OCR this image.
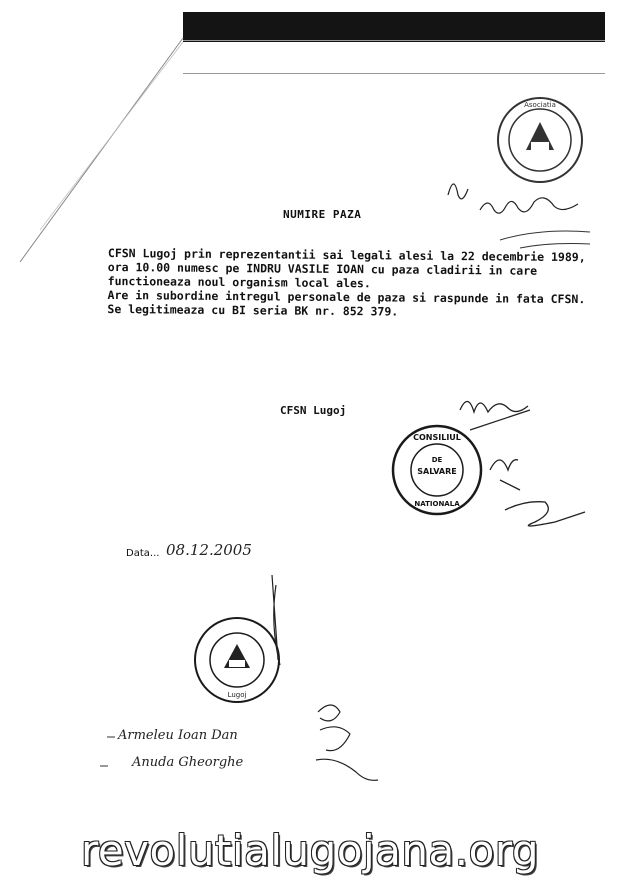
Asociatia
CONSILIUL
DE
SALVARE
NATIONALA
Lugoj
NUMIRE PAZA

CFSN Lugoj prin reprezentantii sai legali alesi la 22 decembrie 1989, ora 10.00 numesc pe INDRU VASILE IOAN cu paza cladirii in care functioneaza noul organism local ales.

Are in subordine intregul personale de paza si raspunde in fata CFSN.

Se legitimeaza cu BI seria BK nr. 852 379.

CFSN Lugoj
Data... 08.12.2005
Armeleu Ioan Dan
Anuda Gheorghe
revolutialugojana.org
